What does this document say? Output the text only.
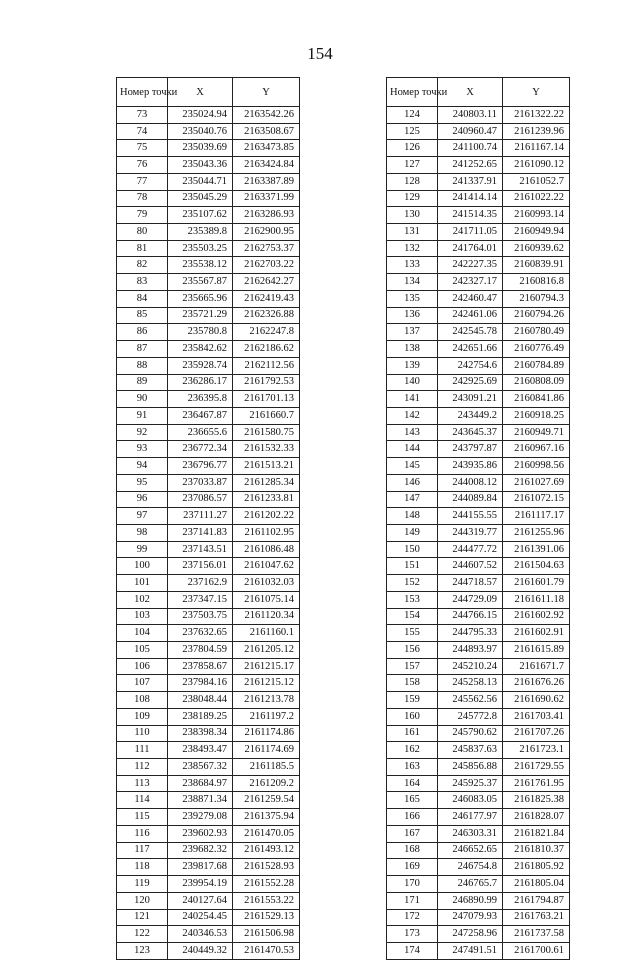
154
Номер точки	X	Y
73	235024.94	2163542.26
74	235040.76	2163508.67
75	235039.69	2163473.85
76	235043.36	2163424.84
77	235044.71	2163387.89
78	235045.29	2163371.99
79	235107.62	2163286.93
80	235389.8	2162900.95
81	235503.25	2162753.37
82	235538.12	2162703.22
83	235567.87	2162642.27
84	235665.96	2162419.43
85	235721.29	2162326.88
86	235780.8	2162247.8
87	235842.62	2162186.62
88	235928.74	2162112.56
89	236286.17	2161792.53
90	236395.8	2161701.13
91	236467.87	2161660.7
92	236655.6	2161580.75
93	236772.34	2161532.33
94	236796.77	2161513.21
95	237033.87	2161285.34
96	237086.57	2161233.81
97	237111.27	2161202.22
98	237141.83	2161102.95
99	237143.51	2161086.48
100	237156.01	2161047.62
101	237162.9	2161032.03
102	237347.15	2161075.14
103	237503.75	2161120.34
104	237632.65	2161160.1
105	237804.59	2161205.12
106	237858.67	2161215.17
107	237984.16	2161215.12
108	238048.44	2161213.78
109	238189.25	2161197.2
110	238398.34	2161174.86
111	238493.47	2161174.69
112	238567.32	2161185.5
113	238684.97	2161209.2
114	238871.34	2161259.54
115	239279.08	2161375.94
116	239602.93	2161470.05
117	239682.32	2161493.12
118	239817.68	2161528.93
119	239954.19	2161552.28
120	240127.64	2161553.22
121	240254.45	2161529.13
122	240346.53	2161506.98
123	240449.32	2161470.53
Номер точки	X	Y
124	240803.11	2161322.22
125	240960.47	2161239.96
126	241100.74	2161167.14
127	241252.65	2161090.12
128	241337.91	2161052.7
129	241414.14	2161022.22
130	241514.35	2160993.14
131	241711.05	2160949.94
132	241764.01	2160939.62
133	242227.35	2160839.91
134	242327.17	2160816.8
135	242460.47	2160794.3
136	242461.06	2160794.26
137	242545.78	2160780.49
138	242651.66	2160776.49
139	242754.6	2160784.89
140	242925.69	2160808.09
141	243091.21	2160841.86
142	243449.2	2160918.25
143	243645.37	2160949.71
144	243797.87	2160967.16
145	243935.86	2160998.56
146	244008.12	2161027.69
147	244089.84	2161072.15
148	244155.55	2161117.17
149	244319.77	2161255.96
150	244477.72	2161391.06
151	244607.52	2161504.63
152	244718.57	2161601.79
153	244729.09	2161611.18
154	244766.15	2161602.92
155	244795.33	2161602.91
156	244893.97	2161615.89
157	245210.24	2161671.7
158	245258.13	2161676.26
159	245562.56	2161690.62
160	245772.8	2161703.41
161	245790.62	2161707.26
162	245837.63	2161723.1
163	245856.88	2161729.55
164	245925.37	2161761.95
165	246083.05	2161825.38
166	246177.97	2161828.07
167	246303.31	2161821.84
168	246652.65	2161810.37
169	246754.8	2161805.92
170	246765.7	2161805.04
171	246890.99	2161794.87
172	247079.93	2161763.21
173	247258.96	2161737.58
174	247491.51	2161700.61
